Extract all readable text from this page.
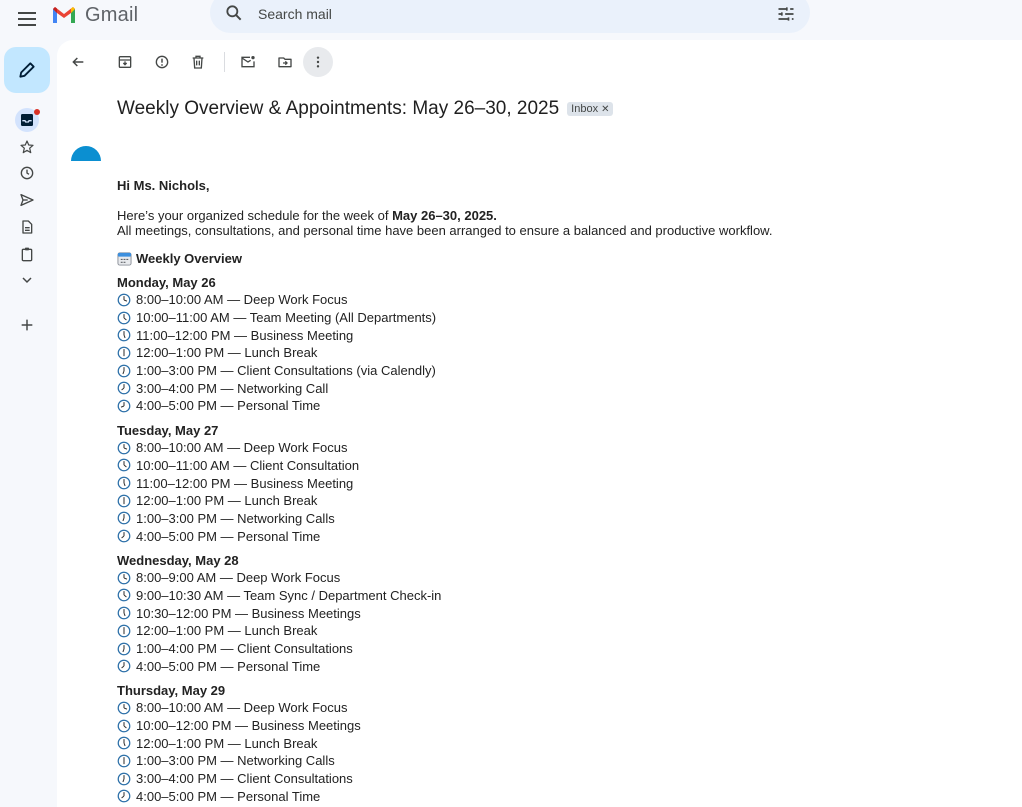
Gmail
Search mail
Weekly Overview & Appointments: May 26–30, 2025 Inbox ✕
Hi Ms. Nichols,
Here’s your organized schedule for the week of May 26–30, 2025.
All meetings, consultations, and personal time have been arranged to ensure a balanced and productive workflow.
Weekly Overview
Monday, May 26
8:00–10:00 AM — Deep Work Focus
10:00–11:00 AM — Team Meeting (All Departments)
11:00–12:00 PM — Business Meeting
12:00–1:00 PM — Lunch Break
1:00–3:00 PM — Client Consultations (via Calendly)
3:00–4:00 PM — Networking Call
4:00–5:00 PM — Personal Time
Tuesday, May 27
8:00–10:00 AM — Deep Work Focus
10:00–11:00 AM — Client Consultation
11:00–12:00 PM — Business Meeting
12:00–1:00 PM — Lunch Break
1:00–3:00 PM — Networking Calls
4:00–5:00 PM — Personal Time
Wednesday, May 28
8:00–9:00 AM — Deep Work Focus
9:00–10:30 AM — Team Sync / Department Check-in
10:30–12:00 PM — Business Meetings
12:00–1:00 PM — Lunch Break
1:00–4:00 PM — Client Consultations
4:00–5:00 PM — Personal Time
Thursday, May 29
8:00–10:00 AM — Deep Work Focus
10:00–12:00 PM — Business Meetings
12:00–1:00 PM — Lunch Break
1:00–3:00 PM — Networking Calls
3:00–4:00 PM — Client Consultations
4:00–5:00 PM — Personal Time
